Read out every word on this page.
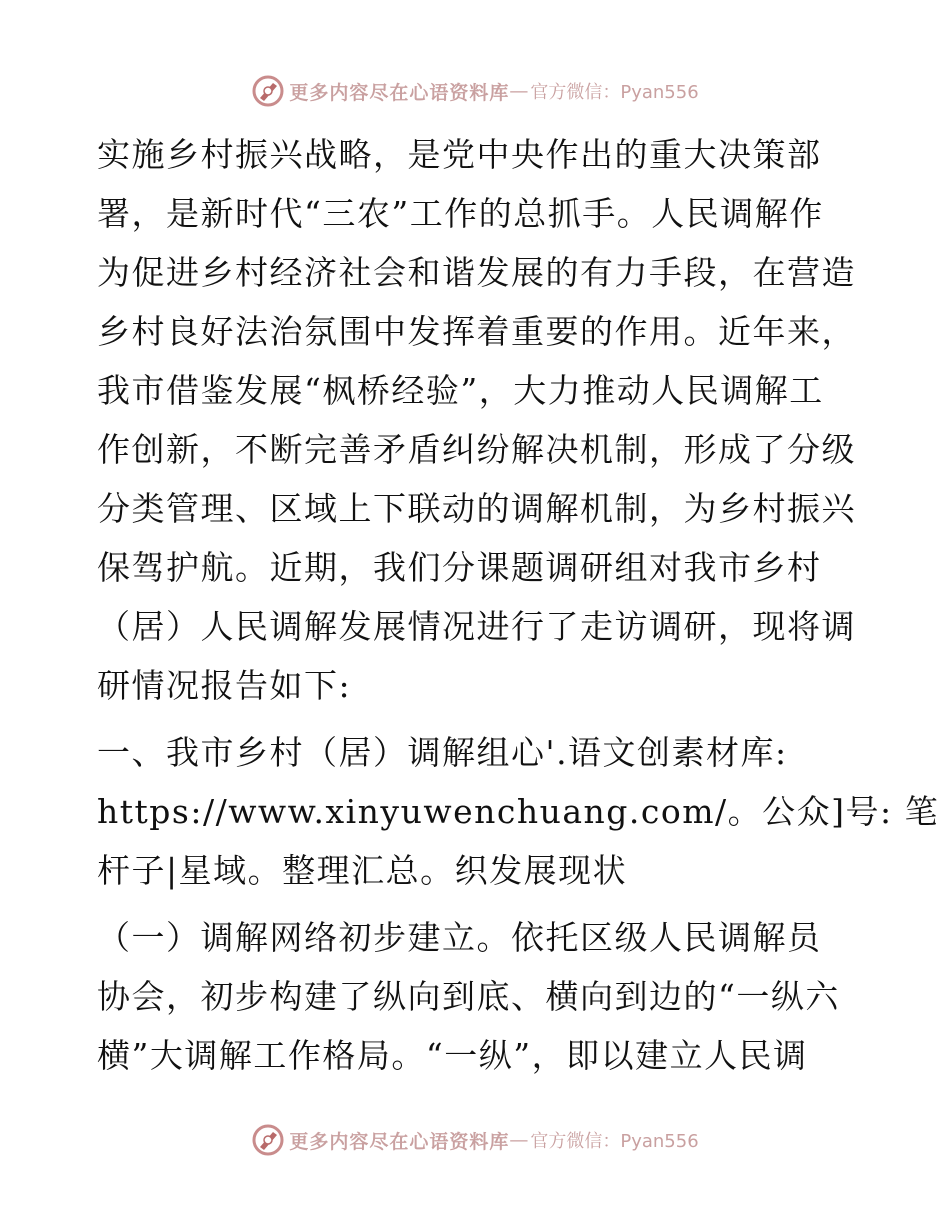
更多内容尽在心语资料库 — 官方微信：Pyan556
实施乡村振兴战略，是党中央作出的重大决策部
署，是新时代“三农”工作的总抓手。人民调解作
为促进乡村经济社会和谐发展的有力手段，在营造
乡村良好法治氛围中发挥着重要的作用。近年来，
我市借鉴发展“枫桥经验”，大力推动人民调解工
作创新，不断完善矛盾纠纷解决机制，形成了分级
分类管理、区域上下联动的调解机制，为乡村振兴
保驾护航。近期，我们分课题调研组对我市乡村
（居）人民调解发展情况进行了走访调研，现将调
研情况报告如下:
一、我市乡村（居）调解组心'.语文创素材库:
https://www.xinyuwenchuang.com/。公众]号: 笔
杆子|星域。整理汇总。织发展现状
（一）调解网络初步建立。依托区级人民调解员
协会，初步构建了纵向到底、横向到边的“一纵六
横”大调解工作格局。“一纵”，即以建立人民调
更多内容尽在心语资料库 — 官方微信：Pyan556
